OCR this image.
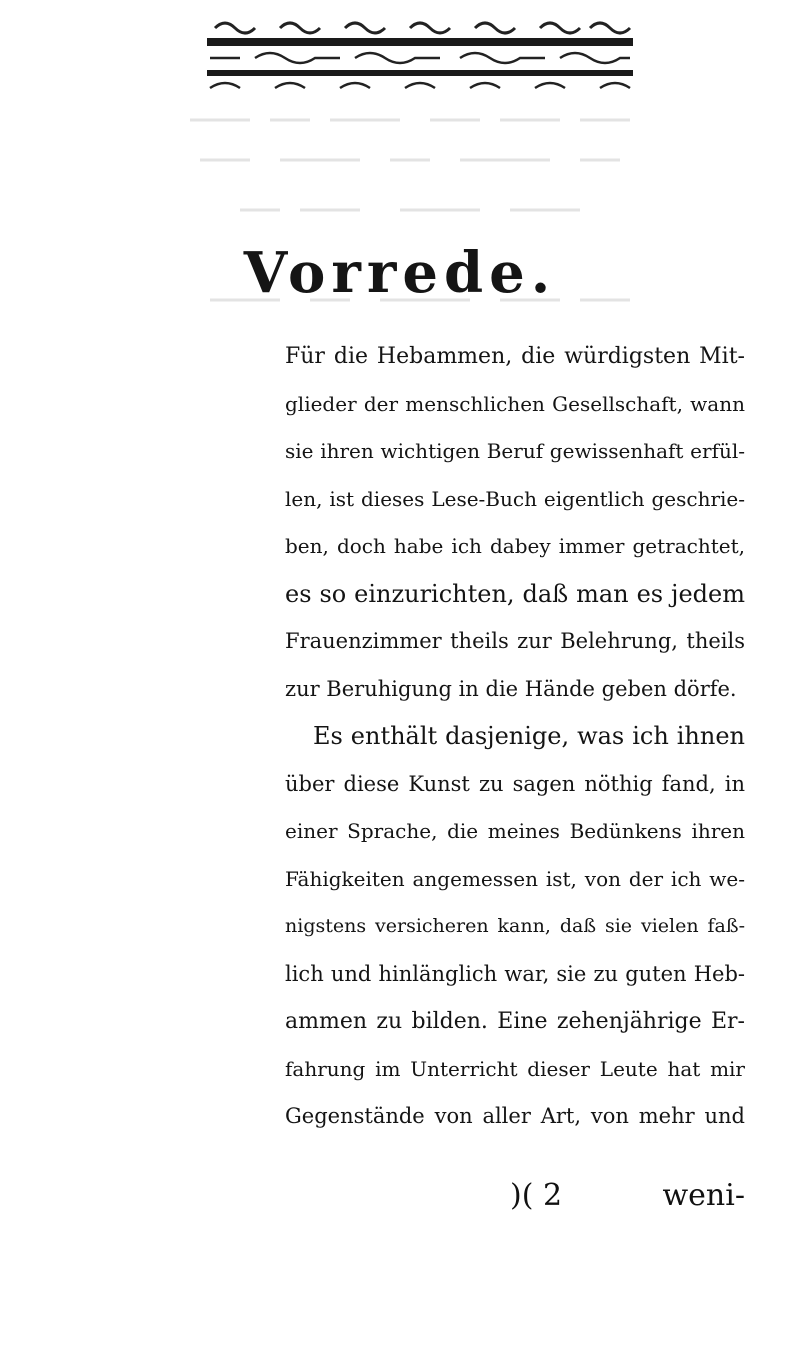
Vorrede.
Für die Hebammen, die würdigsten Mit-
glieder der menschlichen Gesellschaft, wann
sie ihren wichtigen Beruf gewissenhaft erfül-
len, ist dieses Lese-Buch eigentlich geschrie-
ben, doch habe ich dabey immer getrachtet,
es so einzurichten, daß man es jedem
Frauenzimmer theils zur Belehrung, theils
zur Beruhigung in die Hände geben dörfe.
Es enthält dasjenige, was ich ihnen
über diese Kunst zu sagen nöthig fand, in
einer Sprache, die meines Bedünkens ihren
Fähigkeiten angemessen ist, von der ich we-
nigstens versicheren kann, daß sie vielen faß-
lich und hinlänglich war, sie zu guten Heb-
ammen zu bilden. Eine zehenjährige Er-
fahrung im Unterricht dieser Leute hat mir
Gegenstände von aller Art, von mehr und
)( 2	weni-
